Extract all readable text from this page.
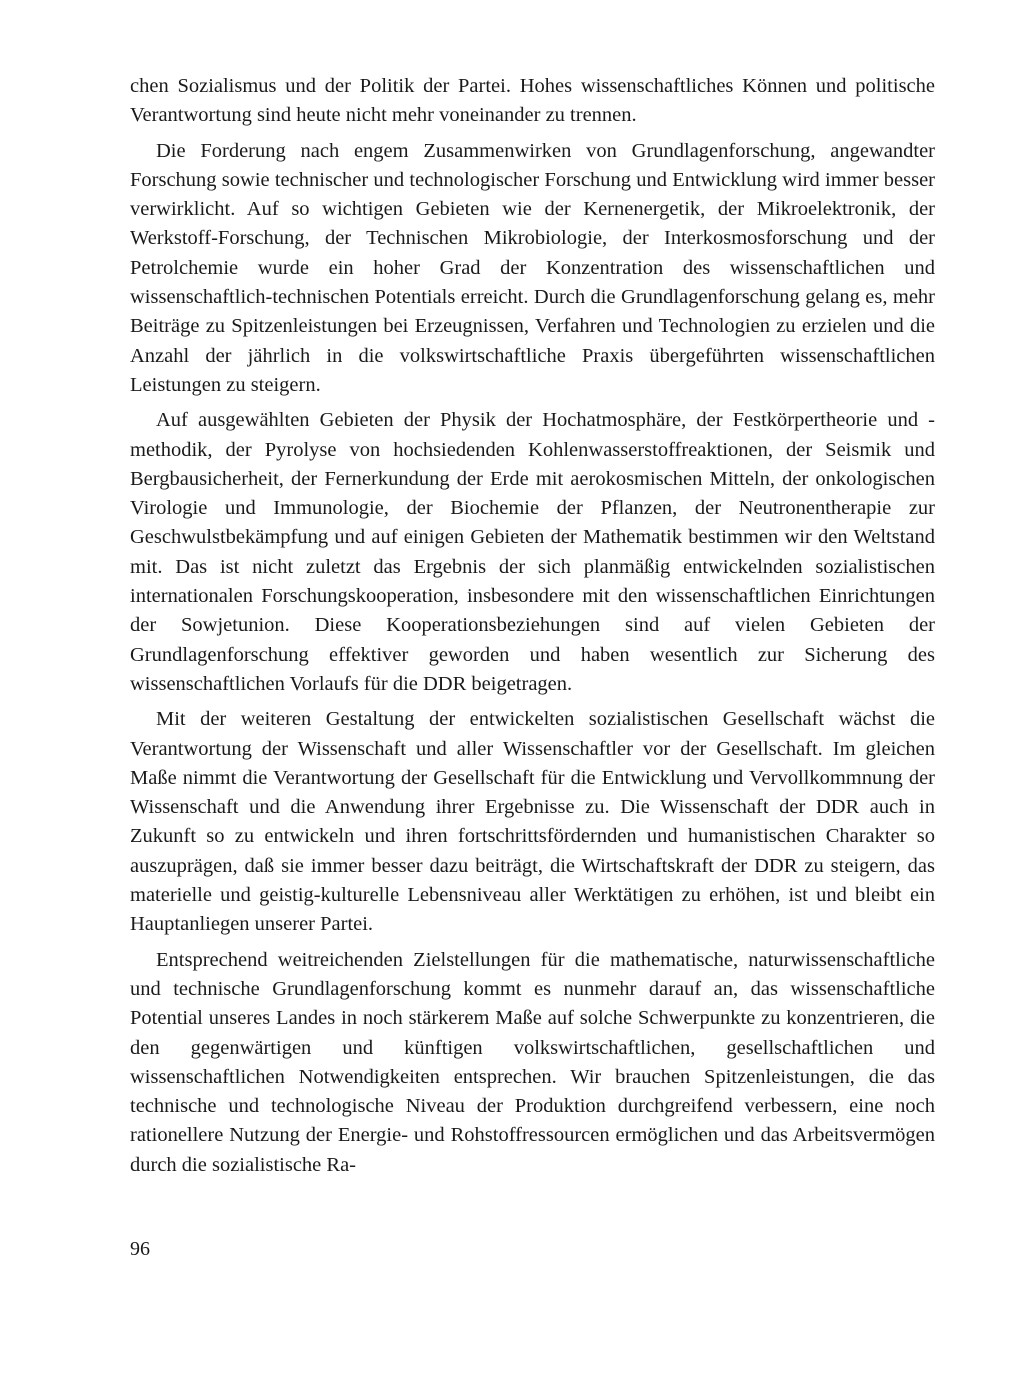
chen Sozialismus und der Politik der Partei. Hohes wissenschaftliches Können und politische Verantwortung sind heute nicht mehr voneinander zu trennen.

Die Forderung nach engem Zusammenwirken von Grundlagenforschung, angewandter Forschung sowie technischer und technologischer Forschung und Entwicklung wird immer besser verwirklicht. Auf so wichtigen Gebieten wie der Kernenergetik, der Mikroelektronik, der Werkstoff-Forschung, der Technischen Mikrobiologie, der Interkosmosforschung und der Petrolchemie wurde ein hoher Grad der Konzentration des wissenschaftlichen und wissenschaftlich-technischen Potentials erreicht. Durch die Grundlagenforschung gelang es, mehr Beiträge zu Spitzenleistungen bei Erzeugnissen, Verfahren und Technologien zu erzielen und die Anzahl der jährlich in die volkswirtschaftliche Praxis übergeführten wissenschaftlichen Leistungen zu steigern.

Auf ausgewählten Gebieten der Physik der Hochatmosphäre, der Festkörpertheorie und -methodik, der Pyrolyse von hochsiedenden Kohlenwasserstoffreaktionen, der Seismik und Bergbausicherheit, der Fernerkundung der Erde mit aerokosmischen Mitteln, der onkologischen Virologie und Immunologie, der Biochemie der Pflanzen, der Neutronentherapie zur Geschwulstbekämpfung und auf einigen Gebieten der Mathematik bestimmen wir den Weltstand mit. Das ist nicht zuletzt das Ergebnis der sich planmäßig entwickelnden sozialistischen internationalen Forschungskooperation, insbesondere mit den wissenschaftlichen Einrichtungen der Sowjetunion. Diese Kooperationsbeziehungen sind auf vielen Gebieten der Grundlagenforschung effektiver geworden und haben wesentlich zur Sicherung des wissenschaftlichen Vorlaufs für die DDR beigetragen.

Mit der weiteren Gestaltung der entwickelten sozialistischen Gesellschaft wächst die Verantwortung der Wissenschaft und aller Wissenschaftler vor der Gesellschaft. Im gleichen Maße nimmt die Verantwortung der Gesellschaft für die Entwicklung und Vervollkommnung der Wissenschaft und die Anwendung ihrer Ergebnisse zu. Die Wissenschaft der DDR auch in Zukunft so zu entwickeln und ihren fortschrittsfördernden und humanistischen Charakter so auszuprägen, daß sie immer besser dazu beiträgt, die Wirtschaftskraft der DDR zu steigern, das materielle und geistig-kulturelle Lebensniveau aller Werktätigen zu erhöhen, ist und bleibt ein Hauptanliegen unserer Partei.

Entsprechend weitreichenden Zielstellungen für die mathematische, naturwissenschaftliche und technische Grundlagenforschung kommt es nunmehr darauf an, das wissenschaftliche Potential unseres Landes in noch stärkerem Maße auf solche Schwerpunkte zu konzentrieren, die den gegenwärtigen und künftigen volkswirtschaftlichen, gesellschaftlichen und wissenschaftlichen Notwendigkeiten entsprechen. Wir brauchen Spitzenleistungen, die das technische und technologische Niveau der Produktion durchgreifend verbessern, eine noch rationellere Nutzung der Energie- und Rohstoffressourcen ermöglichen und das Arbeitsvermögen durch die sozialistische Ra-

96
